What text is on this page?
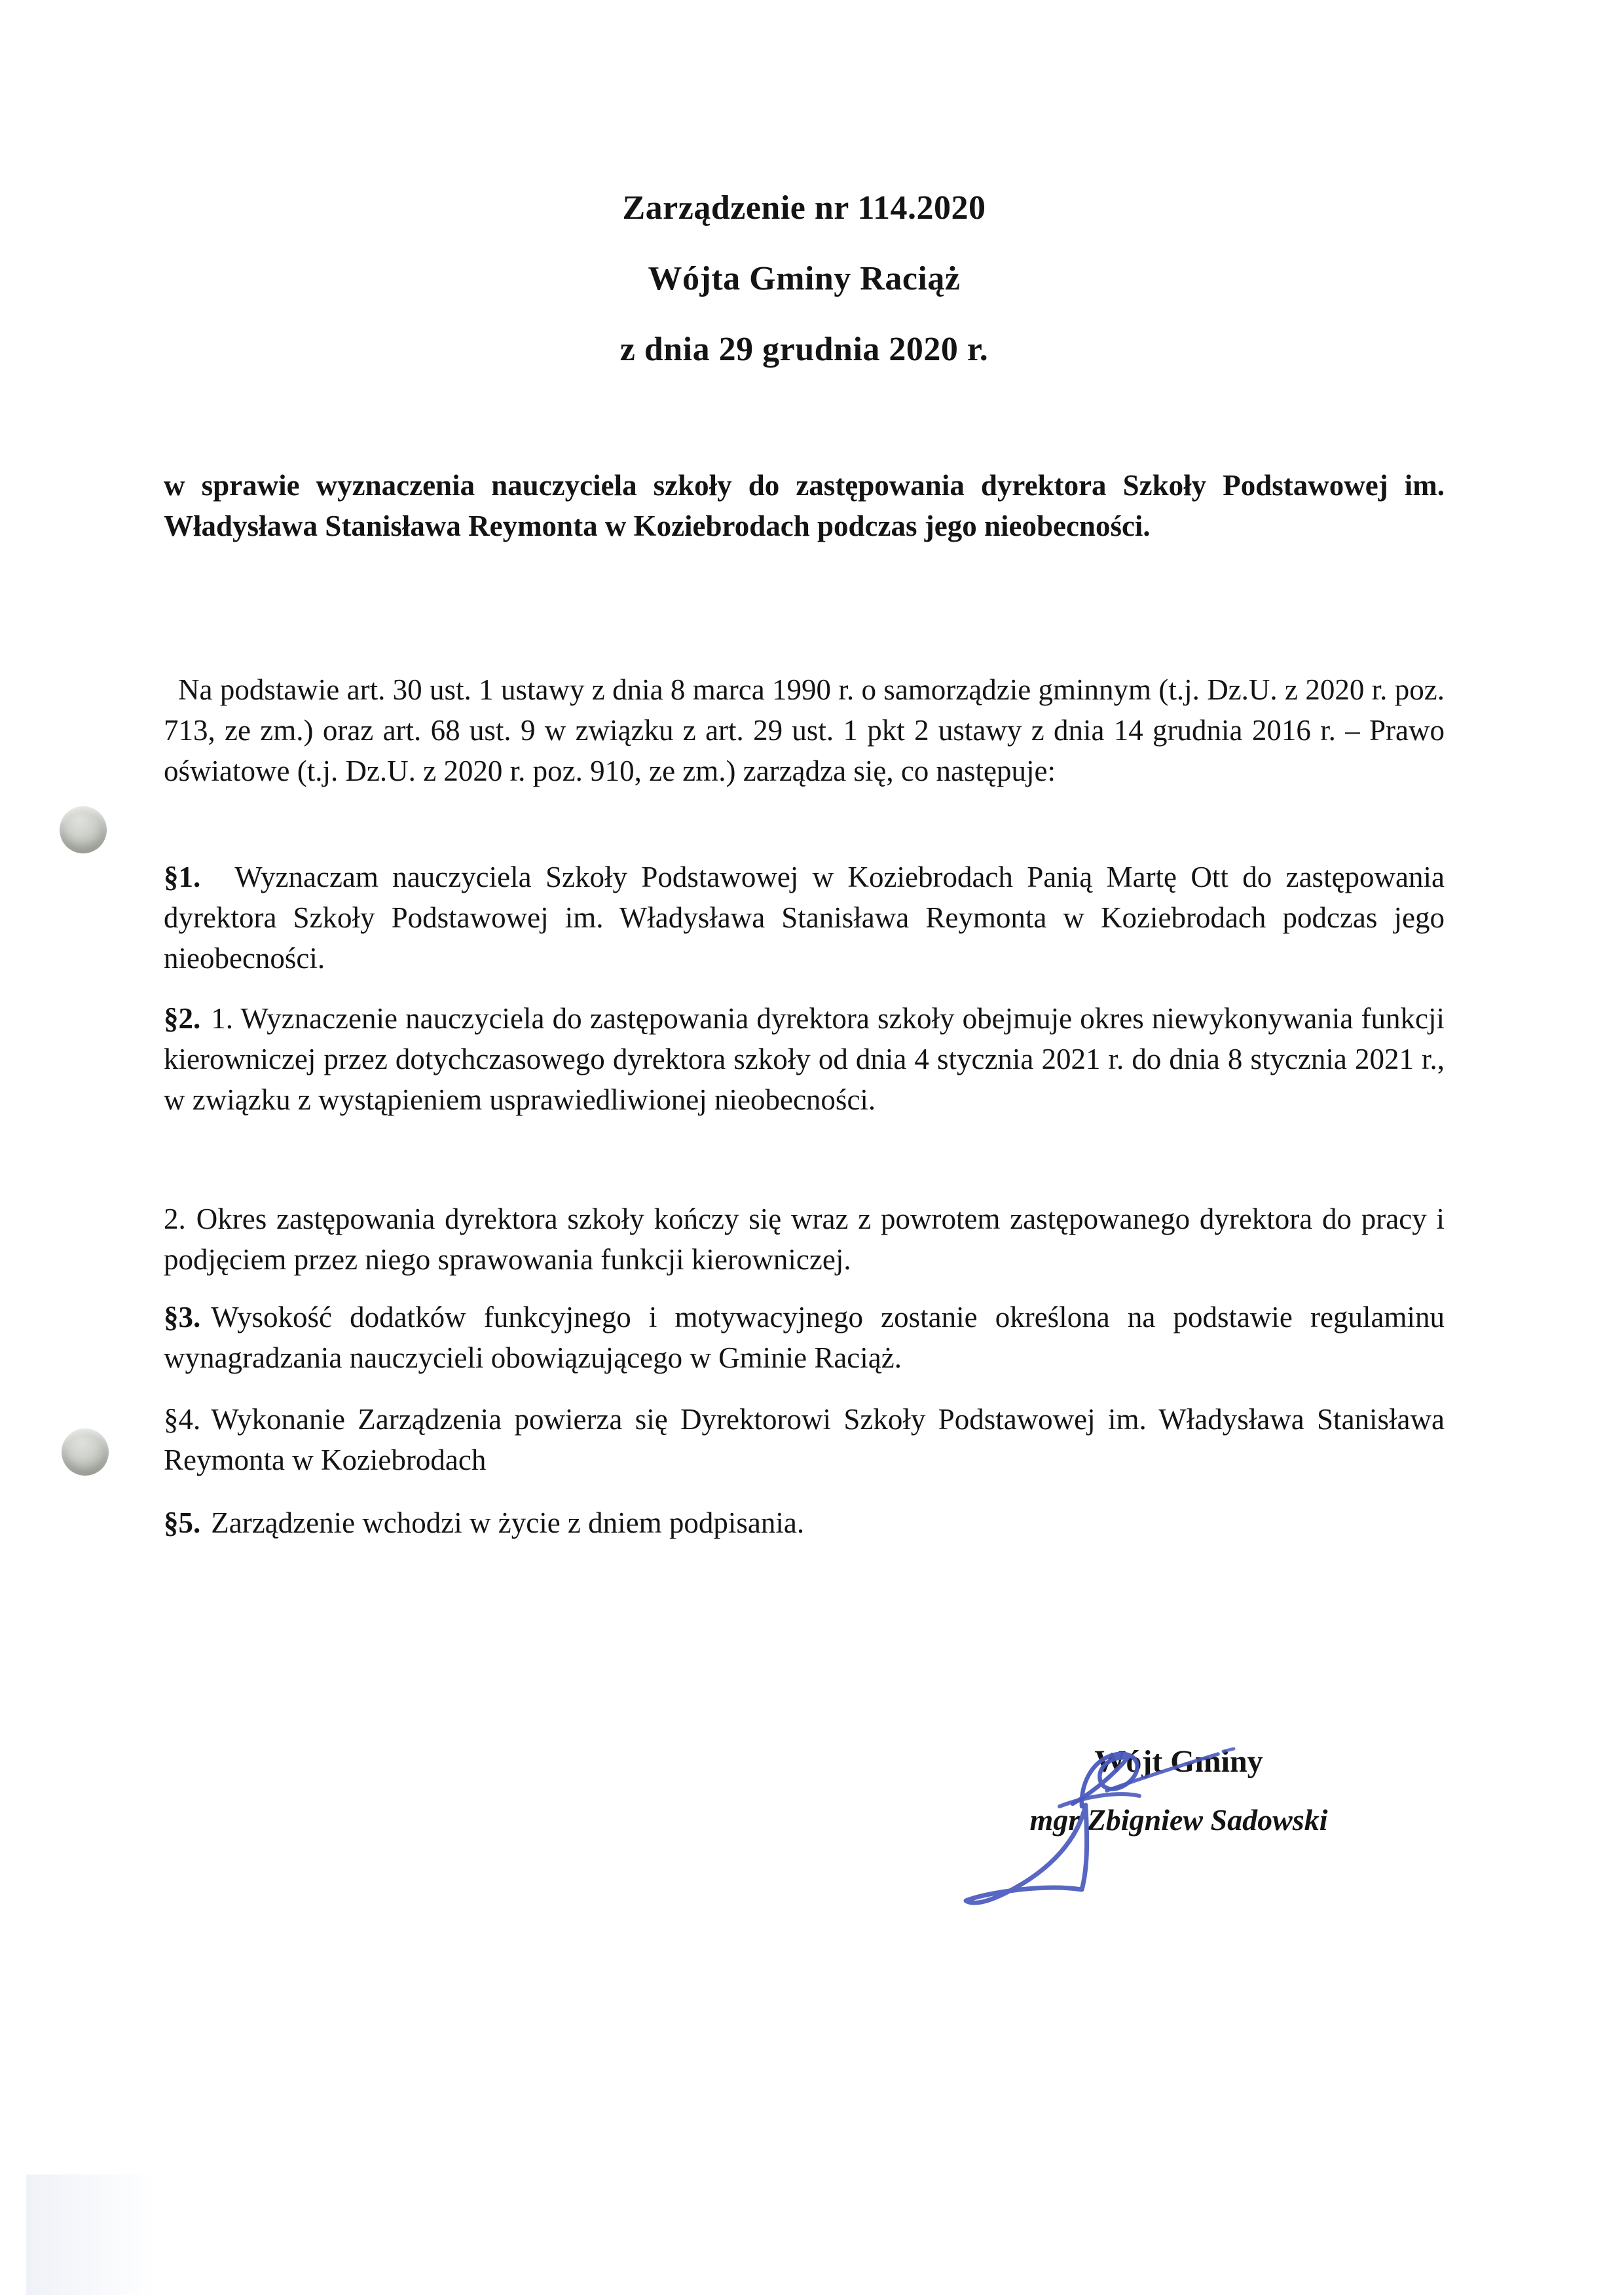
Zarządzenie nr 114.2020
Wójta Gminy Raciąż
z dnia 29 grudnia 2020 r.
w sprawie wyznaczenia nauczyciela szkoły do zastępowania dyrektora Szkoły Podstawowej im. Władysława Stanisława Reymonta w Koziebrodach podczas jego nieobecności.
Na podstawie art. 30 ust. 1 ustawy z dnia 8 marca 1990 r. o samorządzie gminnym (t.j. Dz.U. z 2020 r. poz. 713, ze zm.) oraz art. 68 ust. 9 w związku z art. 29 ust. 1 pkt 2 ustawy z dnia 14 grudnia 2016 r. – Prawo oświatowe (t.j. Dz.U. z 2020 r. poz. 910, ze zm.) zarządza się, co następuje:
§1. Wyznaczam nauczyciela Szkoły Podstawowej w Koziebrodach Panią Martę Ott do zastępowania dyrektora Szkoły Podstawowej im. Władysława Stanisława Reymonta w Koziebrodach podczas jego nieobecności.
§2. 1. Wyznaczenie nauczyciela do zastępowania dyrektora szkoły obejmuje okres niewykonywania funkcji kierowniczej przez dotychczasowego dyrektora szkoły od dnia 4 stycznia 2021 r. do dnia 8 stycznia 2021 r., w związku z wystąpieniem usprawiedliwionej nieobecności.
2. Okres zastępowania dyrektora szkoły kończy się wraz z powrotem zastępowanego dyrektora do pracy i podjęciem przez niego sprawowania funkcji kierowniczej.
§3. Wysokość dodatków funkcyjnego i motywacyjnego zostanie określona na podstawie regulaminu wynagradzania nauczycieli obowiązującego w Gminie Raciąż.
§4. Wykonanie Zarządzenia powierza się Dyrektorowi Szkoły Podstawowej im. Władysława Stanisława Reymonta w Koziebrodach
§5. Zarządzenie wchodzi w życie z dniem podpisania.
Wójt Gminy
mgr Zbigniew Sadowski
